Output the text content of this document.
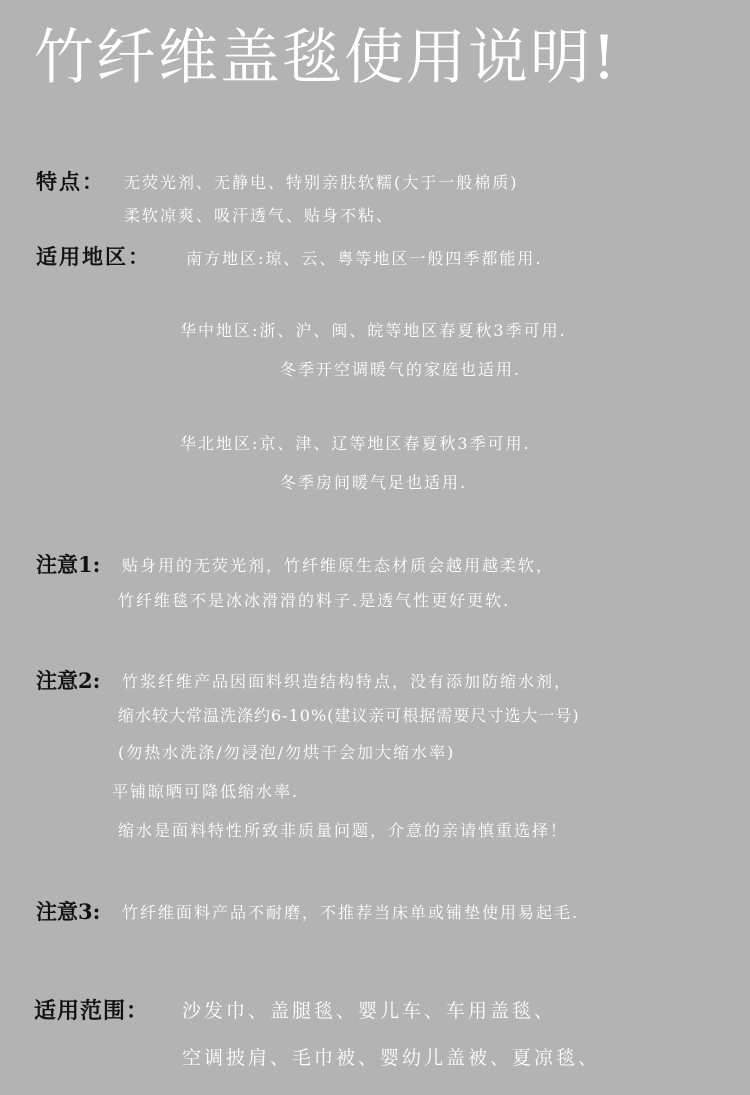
竹纤维盖毯使用说明!
特点： 无荧光剂、无静电、特别亲肤软糯(大于一般棉质)
柔软凉爽、吸汗透气、贴身不粘、
适用地区： 南方地区:琼、云、粤等地区一般四季都能用.
华中地区:浙、沪、闽、皖等地区春夏秋3季可用.
冬季开空调暖气的家庭也适用.
华北地区:京、津、辽等地区春夏秋3季可用.
冬季房间暖气足也适用.
注意1: 贴身用的无荧光剂，竹纤维原生态材质会越用越柔软，
竹纤维毯不是冰冰滑滑的料子.是透气性更好更软.
注意2: 竹浆纤维产品因面料织造结构特点，没有添加防缩水剂，
缩水较大常温洗涤约6-10%(建议亲可根据需要尺寸选大一号)
(勿热水洗涤/勿浸泡/勿烘干会加大缩水率)
平铺晾晒可降低缩水率.
缩水是面料特性所致非质量问题，介意的亲请慎重选择！
注意3: 竹纤维面料产品不耐磨，不推荐当床单或铺垫使用易起毛.
适用范围： 沙发巾、盖腿毯、婴儿车、车用盖毯、
空调披肩、毛巾被、婴幼儿盖被、夏凉毯、
